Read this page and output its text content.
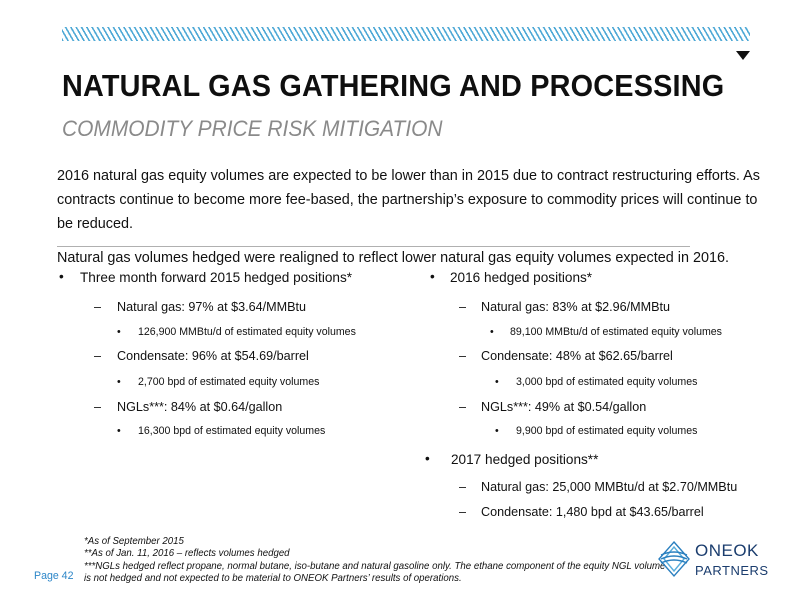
NATURAL GAS GATHERING AND PROCESSING
COMMODITY PRICE RISK MITIGATION

2016 natural gas equity volumes are expected to be lower than in 2015 due to contract restructuring efforts. As contracts continue to become more fee-based, the partnership’s exposure to commodity prices will continue to be reduced.

Natural gas volumes hedged were realigned to reflect lower natural gas equity volumes expected in 2016.

• Three month forward 2015 hedged positions*
– Natural gas: 97% at $3.64/MMBtu
• 126,900 MMBtu/d of estimated equity volumes
– Condensate: 96% at $54.69/barrel
• 2,700 bpd of estimated equity volumes
– NGLs***: 84% at $0.64/gallon
• 16,300 bpd of estimated equity volumes
• 2016 hedged positions*
– Natural gas: 83% at $2.96/MMBtu
• 89,100 MMBtu/d of estimated equity volumes
– Condensate: 48% at $62.65/barrel
• 3,000 bpd of estimated equity volumes
– NGLs***: 49% at $0.54/gallon
• 9,900 bpd of estimated equity volumes
• 2017 hedged positions**
– Natural gas: 25,000 MMBtu/d at $2.70/MMBtu
– Condensate: 1,480 bpd at $43.65/barrel
*As of September 2015
**As of Jan. 11, 2016 – reflects volumes hedged
***NGLs hedged reflect propane, normal butane, iso-butane and natural gasoline only. The ethane component of the equity NGL volume
is not hedged and not expected to be material to ONEOK Partners’ results of operations.
Page 42
ONEOK
PARTNERS
